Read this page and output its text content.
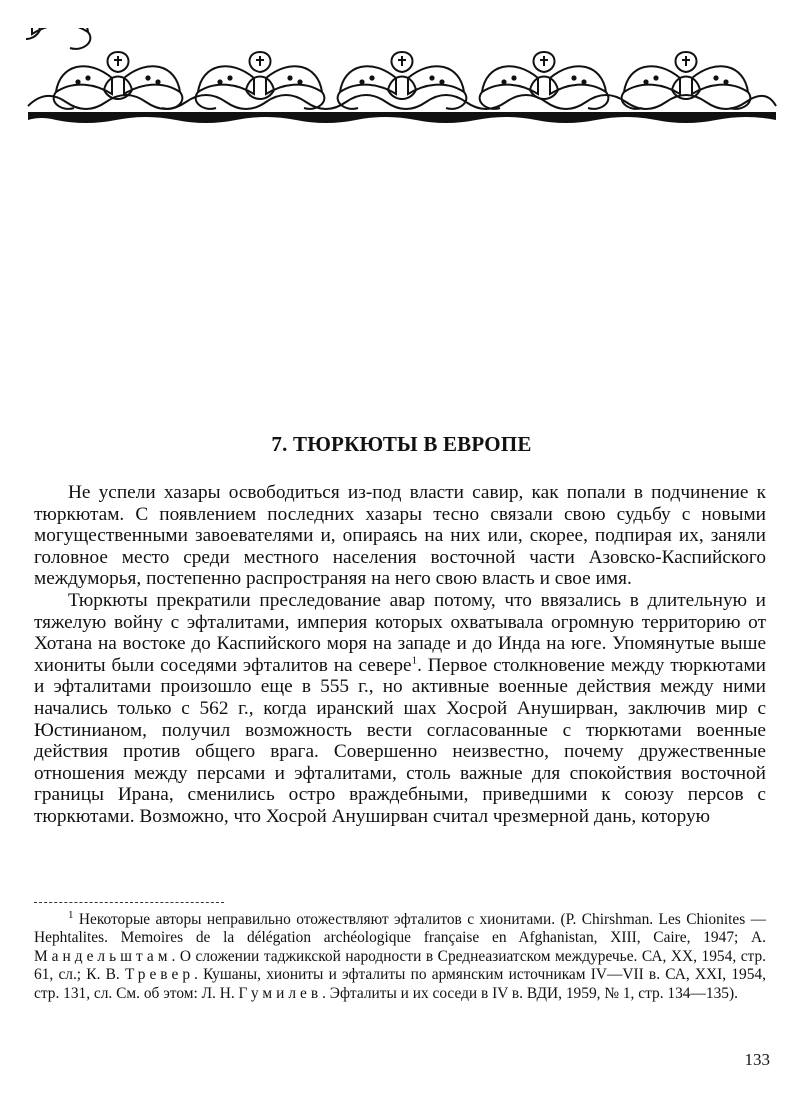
7. ТЮРКЮТЫ В ЕВРОПЕ

Не успели хазары освободиться из-под власти савир, как попали в подчинение к тюркютам. С появлением последних хазары тесно связали свою судьбу с новыми могущественными завоевателями и, опираясь на них или, скорее, подпирая их, заняли головное место среди местного населения восточной части Азовско-Каспийского междуморья, постепенно распространяя на него свою власть и свое имя.

Тюркюты прекратили преследование авар потому, что ввязались в длительную и тяжелую войну с эфталитами, империя которых охватывала огромную территорию от Хотана на востоке до Каспийского моря на западе и до Инда на юге. Упомянутые выше хиониты были соседями эфталитов на севере$^1$. Первое столкновение между тюркютами и эфталитами произошло еще в 555 г., но активные военные действия между ними начались только с 562 г., когда иранский шах Хосрой Ануширван, заключив мир с Юстинианом, получил возможность вести согласованные с тюркютами военные действия против общего врага. Совершенно неизвестно, почему дружественные отношения между персами и эфталитами, столь важные для спокойствия восточной границы Ирана, сменились остро враждебными, приведшими к союзу персов с тюркютами. Возможно, что Хосрой Ануширван считал чрезмерной дань, которую

$^1$ Некоторые авторы неправильно отожествляют эфталитов с хионитами. (P. Chirshman. Les Chionites — Hephtalites. Memoires de la délégation archéologique française en Afghanistan, XIII, Caire, 1947; А. Мандельштам. О сложении таджикской народности в Среднеазиатском междуречье. СА, XX, 1954, стр. 61, сл.; К. В. Тревер. Кушаны, хиониты и эфталиты по армянским источникам IV—VII в. СА, XXI, 1954, стр. 131, сл. См. об этом: Л. Н. Гумилев. Эфталиты и их соседи в IV в. ВДИ, 1959, № 1, стр. 134—135).

133
